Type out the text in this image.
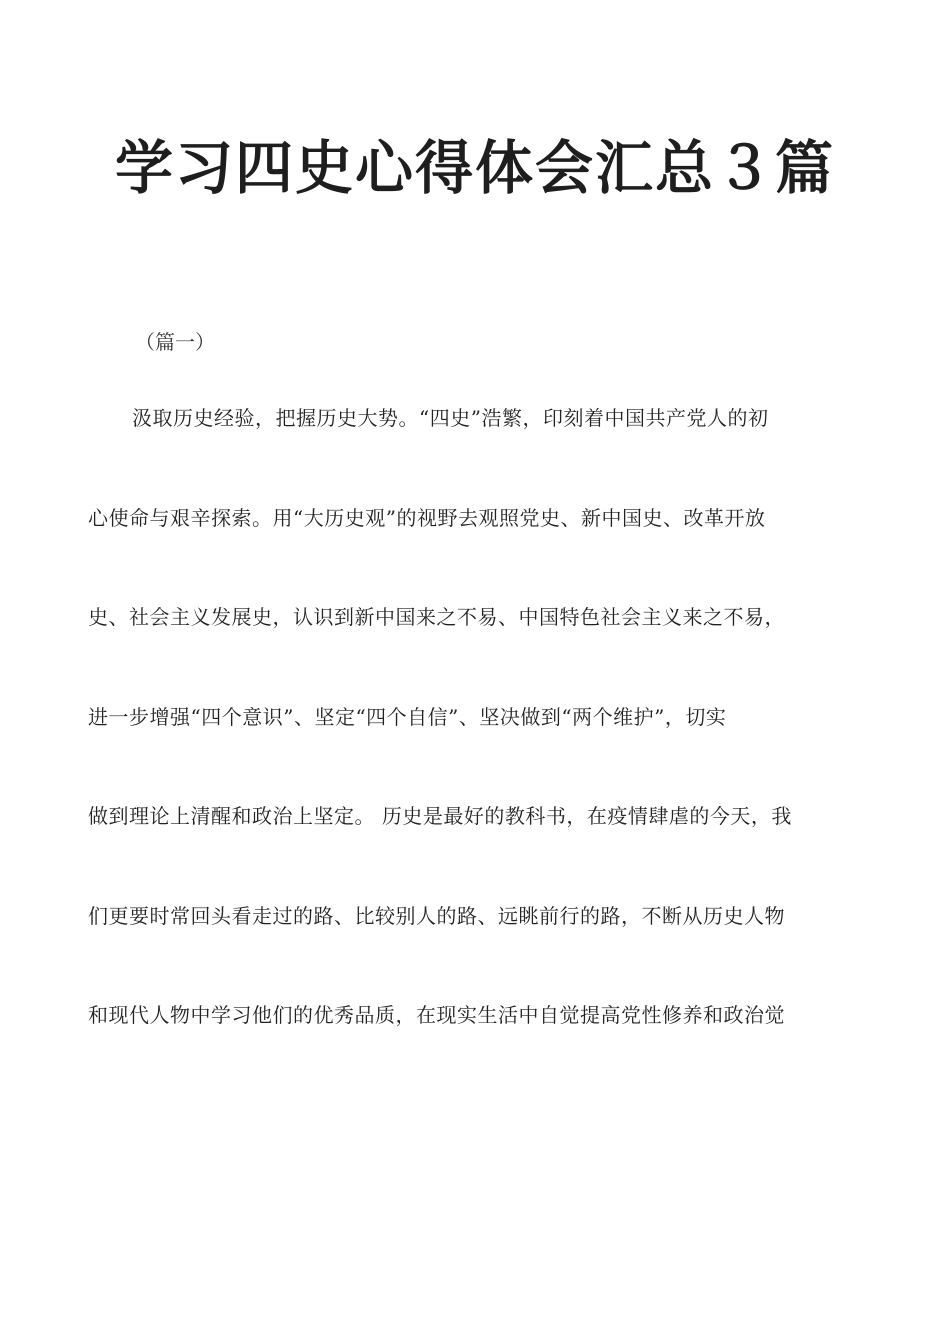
学习四史心得体会汇总３篇
（篇一）
汲取历史经验，把握历史大势。“四史”浩繁，印刻着中国共产党人的初
心使命与艰辛探索。用“大历史观”的视野去观照党史、新中国史、改革开放
史、社会主义发展史，认识到新中国来之不易、中国特色社会主义来之不易，
进一步增强“四个意识”、坚定“四个自信”、坚决做到“两个维护”，切实
做到理论上清醒和政治上坚定。 历史是最好的教科书，在疫情肆虐的今天，我
们更要时常回头看走过的路、比较别人的路、远眺前行的路，不断从历史人物
和现代人物中学习他们的优秀品质，在现实生活中自觉提高党性修养和政治觉
